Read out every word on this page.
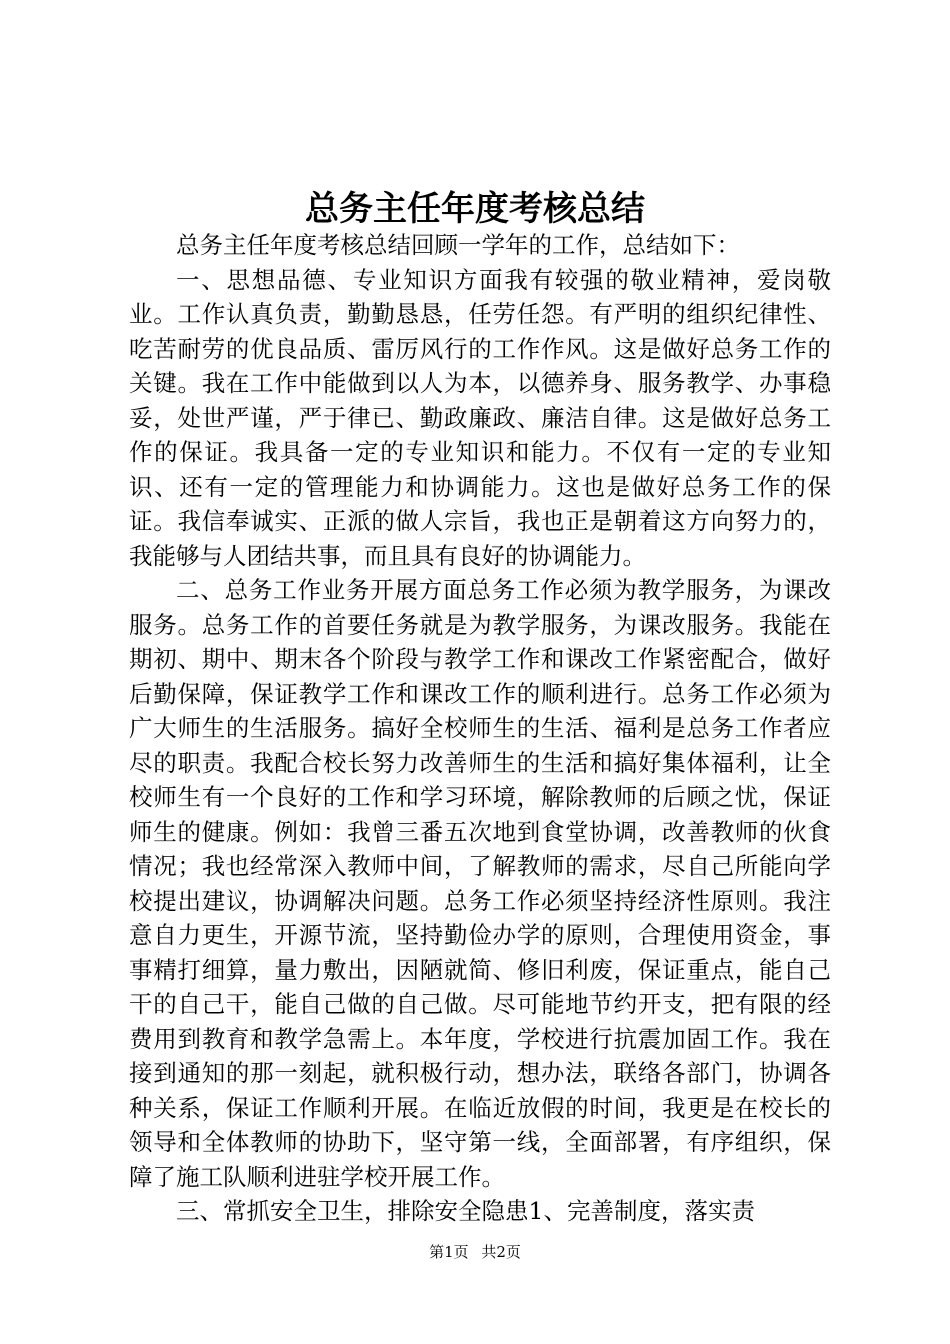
总务主任年度考核总结

总务主任年度考核总结回顾一学年的工作，总结如下：

一、思想品德、专业知识方面我有较强的敬业精神，爱岗敬业。工作认真负责，勤勤恳恳，任劳任怨。有严明的组织纪律性、吃苦耐劳的优良品质、雷厉风行的工作作风。这是做好总务工作的关键。我在工作中能做到以人为本，以德养身、服务教学、办事稳妥，处世严谨，严于律已、勤政廉政、廉洁自律。这是做好总务工作的保证。我具备一定的专业知识和能力。不仅有一定的专业知识、还有一定的管理能力和协调能力。这也是做好总务工作的保证。我信奉诚实、正派的做人宗旨，我也正是朝着这方向努力的，我能够与人团结共事，而且具有良好的协调能力。

二、总务工作业务开展方面总务工作必须为教学服务，为课改服务。总务工作的首要任务就是为教学服务，为课改服务。我能在期初、期中、期末各个阶段与教学工作和课改工作紧密配合，做好后勤保障，保证教学工作和课改工作的顺利进行。总务工作必须为广大师生的生活服务。搞好全校师生的生活、福利是总务工作者应尽的职责。我配合校长努力改善师生的生活和搞好集体福利，让全校师生有一个良好的工作和学习环境，解除教师的后顾之忧，保证师生的健康。例如：我曾三番五次地到食堂协调，改善教师的伙食情况；我也经常深入教师中间，了解教师的需求，尽自己所能向学校提出建议，协调解决问题。总务工作必须坚持经济性原则。我注意自力更生，开源节流，坚持勤俭办学的原则，合理使用资金，事事精打细算，量力敷出，因陋就简、修旧利废，保证重点，能自己干的自己干，能自己做的自己做。尽可能地节约开支，把有限的经费用到教育和教学急需上。本年度，学校进行抗震加固工作。我在接到通知的那一刻起，就积极行动，想办法，联络各部门，协调各种关系，保证工作顺利开展。在临近放假的时间，我更是在校长的领导和全体教师的协助下，坚守第一线，全面部署，有序组织，保障了施工队顺利进驻学校开展工作。

三、常抓安全卫生，排除安全隐患1、完善制度，落实责

第1页 共2页
